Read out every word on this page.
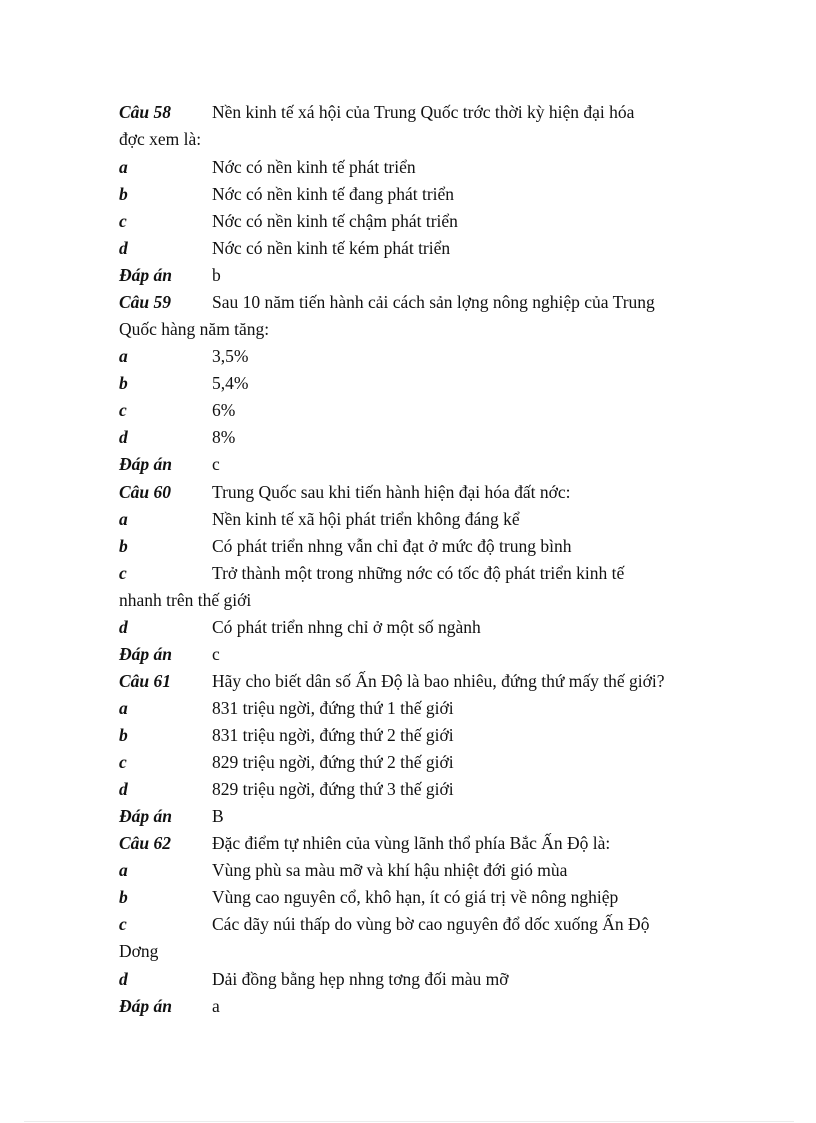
Câu 58 Nền kinh tế xá hội của Trung Quốc trớc thời kỳ hiện đại hóa
đợc xem là:
a	Nớc có nền kinh tế phát triển
b	Nớc có nền kinh tế đang phát triển
c	Nớc có nền kinh tế chậm phát triển
d	Nớc có nền kinh tế kém phát triển
Đáp án b
Câu 59 Sau 10 năm tiến hành cải cách sản lợng nông nghiệp của Trung
Quốc hàng năm tăng:
a	3,5%
b	5,4%
c	6%
d	8%
Đáp án c
Câu 60 Trung Quốc sau khi tiến hành hiện đại hóa đất nớc:
a	Nền kinh tế xã hội phát triển không đáng kể
b	Có phát triển nhng vẫn chỉ đạt ở mức độ trung bình
c	Trở thành một trong những nớc có tốc độ phát triển kinh tế
nhanh trên thế giới
d	Có phát triển nhng chỉ ở một số ngành
Đáp án c
Câu 61 Hãy cho biết dân số Ấn Độ là bao nhiêu, đứng thứ mấy thế giới?
a	831 triệu ngời, đứng thứ 1 thế giới
b	831 triệu ngời, đứng thứ 2 thế giới
c	829 triệu ngời, đứng thứ 2 thế giới
d	829 triệu ngời, đứng thứ 3 thế giới
Đáp án B
Câu 62 Đặc điểm tự nhiên của vùng lãnh thổ phía Bắc Ấn Độ là:
a	Vùng phù sa màu mỡ và khí hậu nhiệt đới gió mùa
b	Vùng cao nguyên cổ, khô hạn, ít có giá trị về nông nghiệp
c	Các dãy núi thấp do vùng bờ cao nguyên đổ dốc xuống Ấn Độ
Dơng
d	Dải đồng bằng hẹp nhng tơng đối màu mỡ
Đáp án a
